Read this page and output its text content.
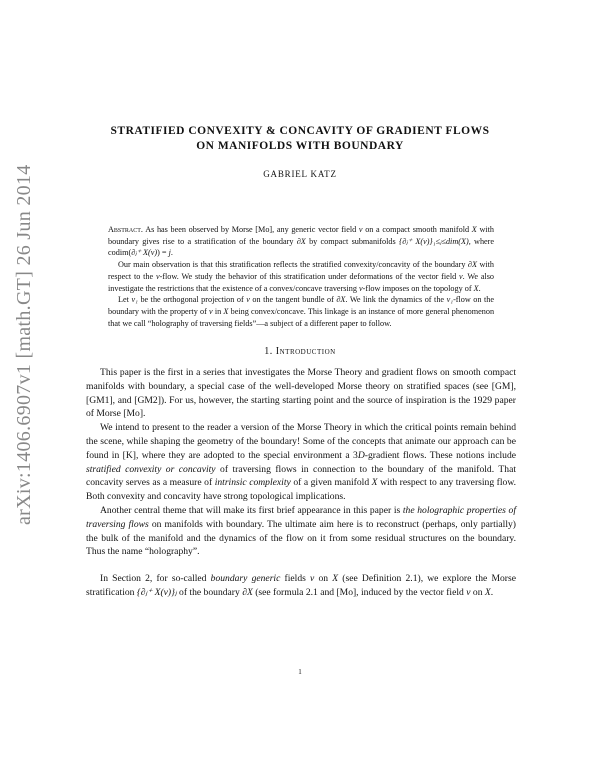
arXiv:1406.6907v1 [math.GT] 26 Jun 2014
STRATIFIED CONVEXITY & CONCAVITY OF GRADIENT FLOWS
ON MANIFOLDS WITH BOUNDARY
GABRIEL KATZ

Abstract. As has been observed by Morse [Mo], any generic vector field v on a compact smooth manifold X with boundary gives rise to a stratification of the boundary ∂X by compact submanifolds {∂ⱼ⁺ X(v)}₁≤ⱼ≤dim(X), where codim(∂ⱼ⁺ X(v)) = j.

Our main observation is that this stratification reflects the stratified convexity/concavity of the boundary ∂X with respect to the v-flow. We study the behavior of this stratification under deformations of the vector field v. We also investigate the restrictions that the existence of a convex/concave traversing v-flow imposes on the topology of X.

Let v₁ be the orthogonal projection of v on the tangent bundle of ∂X. We link the dynamics of the v₁-flow on the boundary with the property of v in X being convex/concave. This linkage is an instance of more general phenomenon that we call “holography of traversing fields”—a subject of a different paper to follow.

1. Introduction

This paper is the first in a series that investigates the Morse Theory and gradient flows on smooth compact manifolds with boundary, a special case of the well-developed Morse theory on stratified spaces (see [GM], [GM1], and [GM2]). For us, however, the starting starting point and the source of inspiration is the 1929 paper of Morse [Mo].

We intend to present to the reader a version of the Morse Theory in which the critical points remain behind the scene, while shaping the geometry of the boundary! Some of the concepts that animate our approach can be found in [K], where they are adopted to the special environment a 3D-gradient flows. These notions include stratified convexity or concavity of traversing flows in connection to the boundary of the manifold. That concavity serves as a measure of intrinsic complexity of a given manifold X with respect to any traversing flow. Both convexity and concavity have strong topological implications.

Another central theme that will make its first brief appearance in this paper is the holographic properties of traversing flows on manifolds with boundary. The ultimate aim here is to reconstruct (perhaps, only partially) the bulk of the manifold and the dynamics of the flow on it from some residual structures on the boundary. Thus the name “holography”.

In Section 2, for so-called boundary generic fields v on X (see Definition 2.1), we explore the Morse stratification {∂ⱼ⁺ X(v)}ⱼ of the boundary ∂X (see formula 2.1 and [Mo], induced by the vector field v on X.

1
